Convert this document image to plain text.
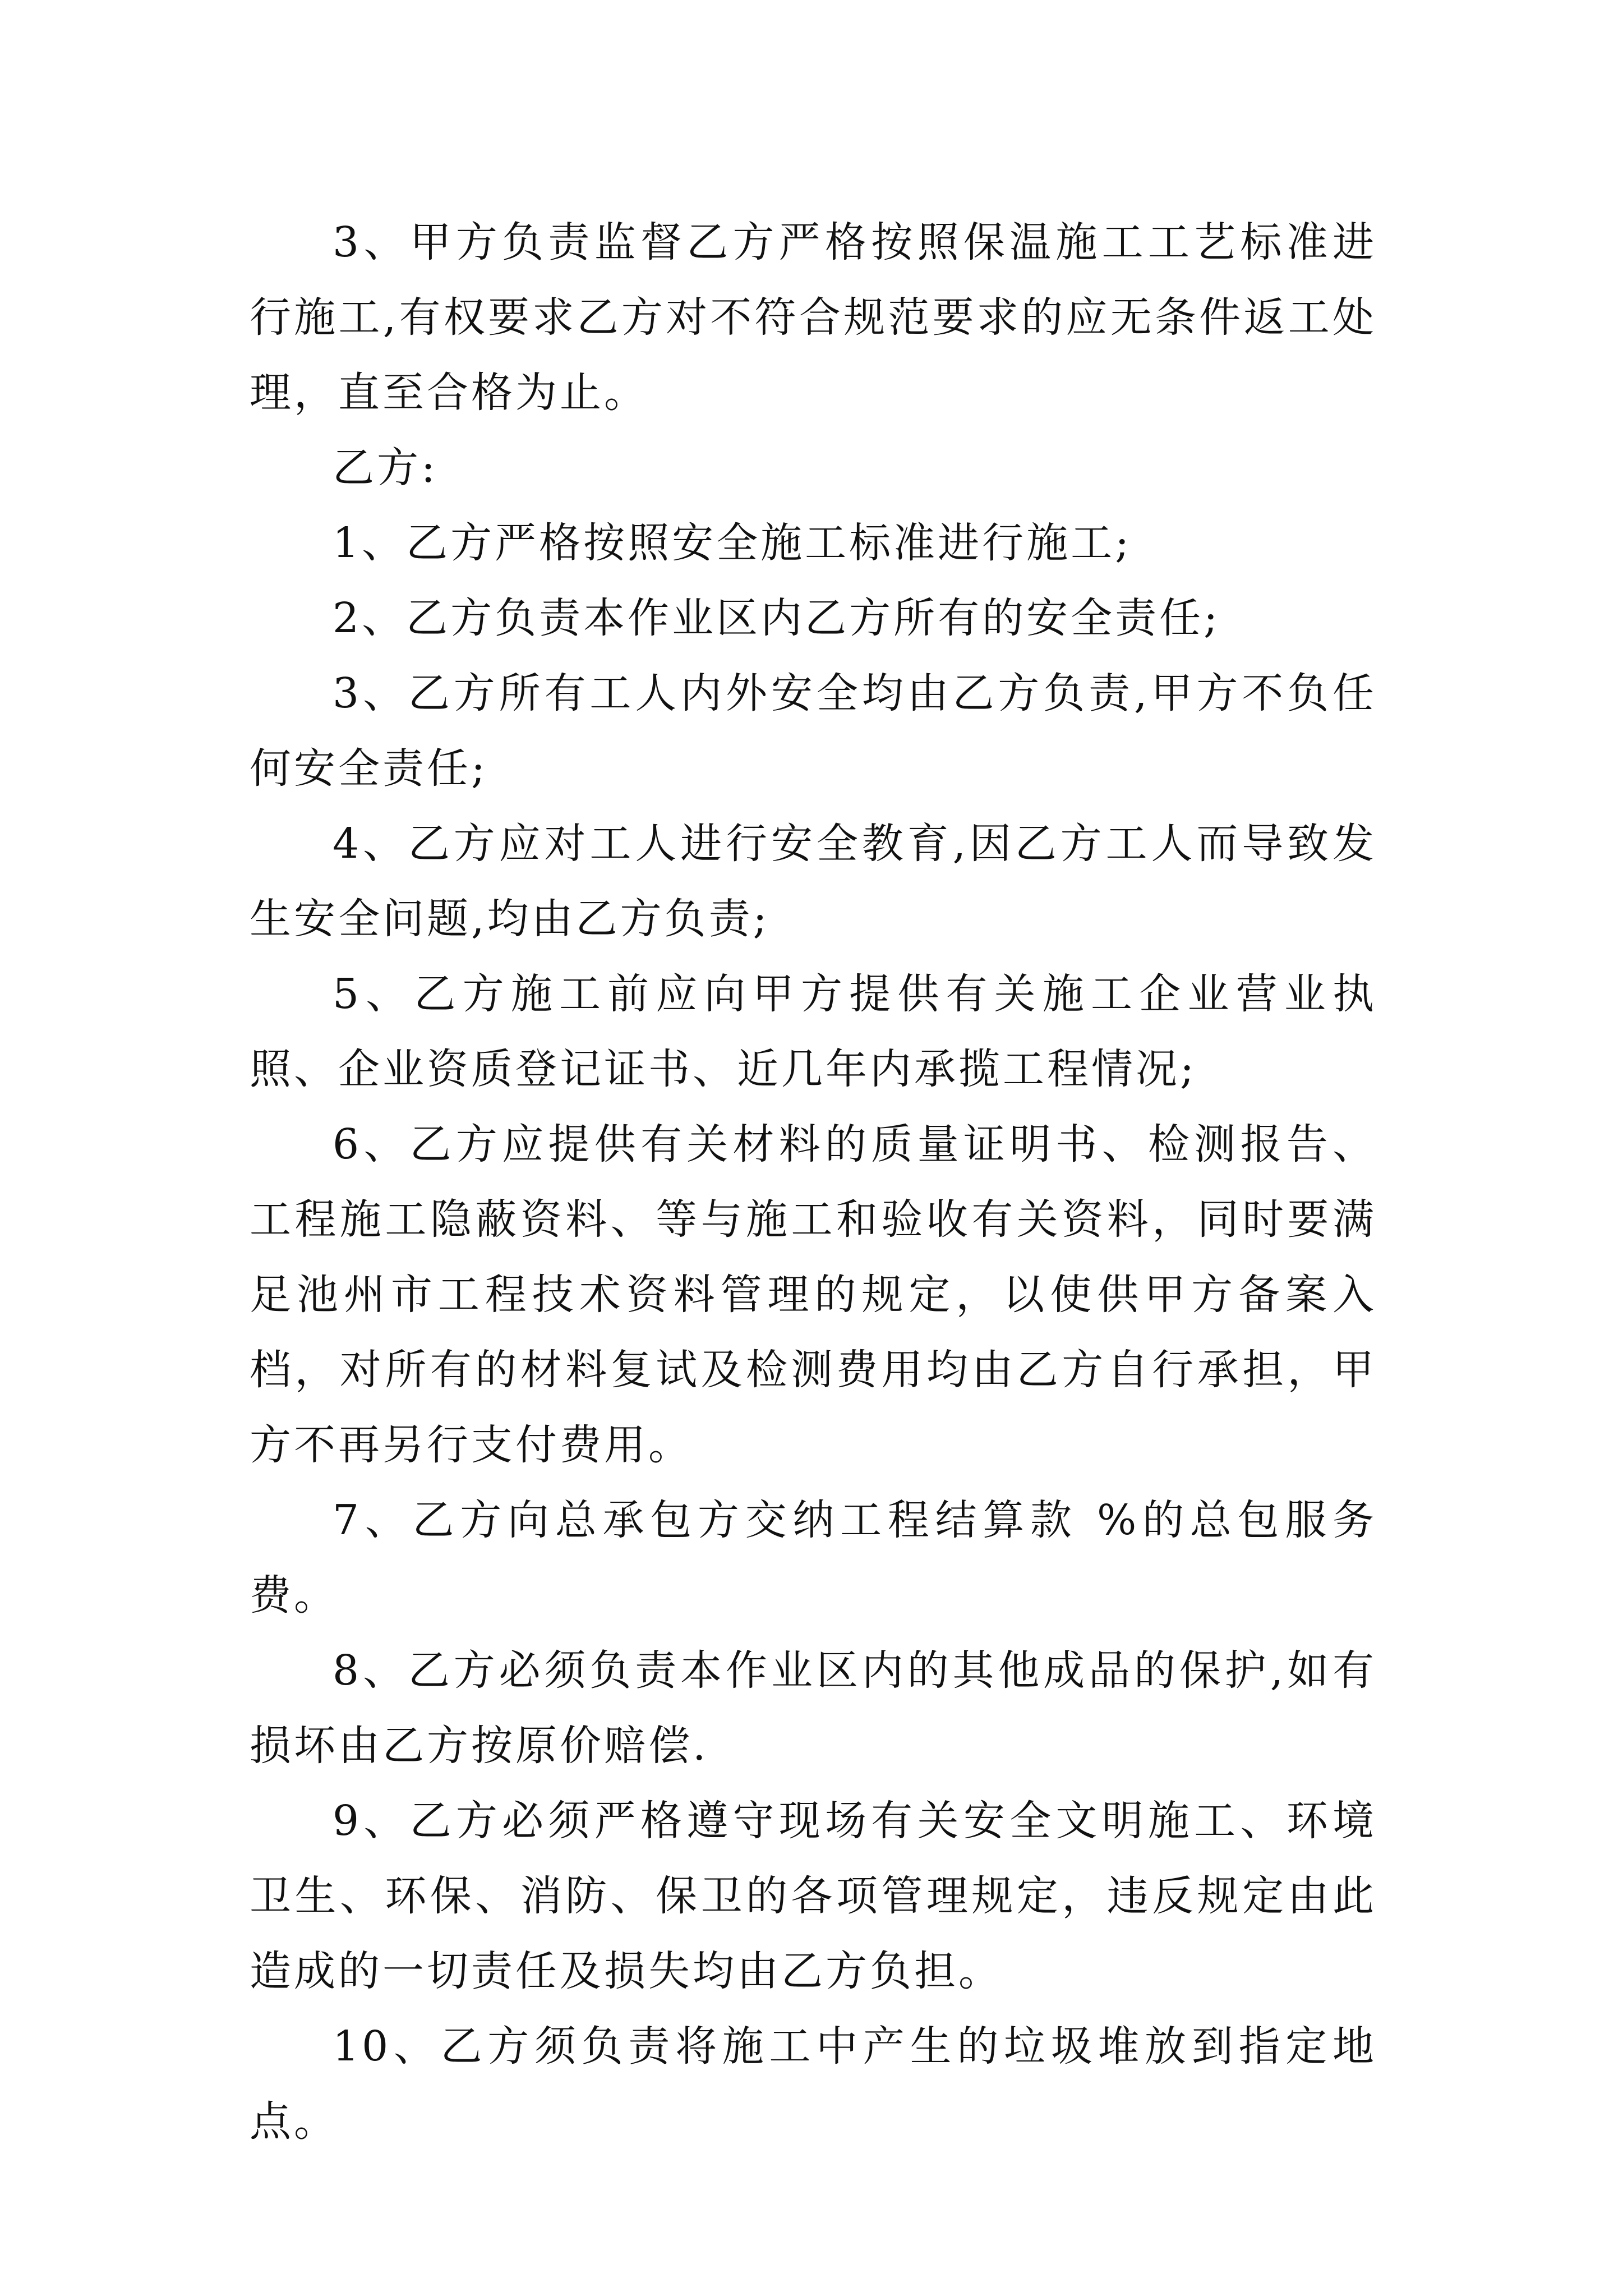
3、甲方负责监督乙方严格按照保温施工工艺标准进行施工,有权要求乙方对不符合规范要求的应无条件返工处理，直至合格为止。

乙方:

1、乙方严格按照安全施工标准进行施工;

2、乙方负责本作业区内乙方所有的安全责任;

3、乙方所有工人内外安全均由乙方负责,甲方不负任何安全责任;

4、乙方应对工人进行安全教育,因乙方工人而导致发生安全问题,均由乙方负责;

5、乙方施工前应向甲方提供有关施工企业营业执照、企业资质登记证书、近几年内承揽工程情况;

6、乙方应提供有关材料的质量证明书、检测报告、工程施工隐蔽资料、等与施工和验收有关资料，同时要满足池州市工程技术资料管理的规定，以使供甲方备案入档，对所有的材料复试及检测费用均由乙方自行承担，甲方不再另行支付费用。

7、乙方向总承包方交纳工程结算款 %的总包服务费。

8、乙方必须负责本作业区内的其他成品的保护,如有损坏由乙方按原价赔偿.

9、乙方必须严格遵守现场有关安全文明施工、环境卫生、环保、消防、保卫的各项管理规定，违反规定由此造成的一切责任及损失均由乙方负担。

10、乙方须负责将施工中产生的垃圾堆放到指定地点。
